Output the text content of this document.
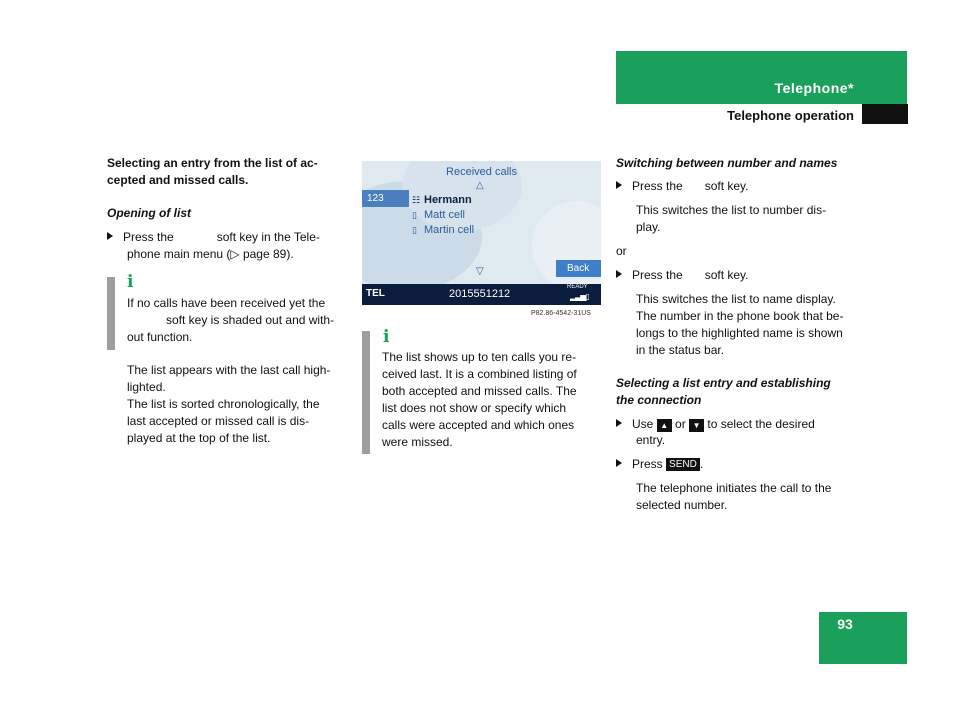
Telephone*
Telephone operation
Selecting an entry from the list of ac-
cepted and missed calls.
Opening of list
Press the	soft key in the Tele-
phone main menu (▷ page 89).
i
If no calls have been received yet the
soft key is shaded out and with-
out function.
The list appears with the last call high-
lighted.
The list is sorted chronologically, the
last accepted or missed call is dis-
played at the top of the list.
Received calls
△
123	☷ Hermann
▯ Matt cell
▯ Martin cell
▽	Back
TEL	2015551212
READY
▂▃▅▯
P82.86-4542-31US
i
The list shows up to ten calls you re-
ceived last. It is a combined listing of
both accepted and missed calls. The
list does not show or specify which
calls were accepted and which ones
were missed.
Switching between number and names
Press the soft key.
This switches the list to number dis-
play.
or
Press the soft key.
This switches the list to name display.
The number in the phone book that be-
longs to the highlighted name is shown
in the status bar.
Selecting a list entry and establishing
the connection
Use ▲ or ▼ to select the desired
entry.
Press SEND .
The telephone initiates the call to the
selected number.
93
